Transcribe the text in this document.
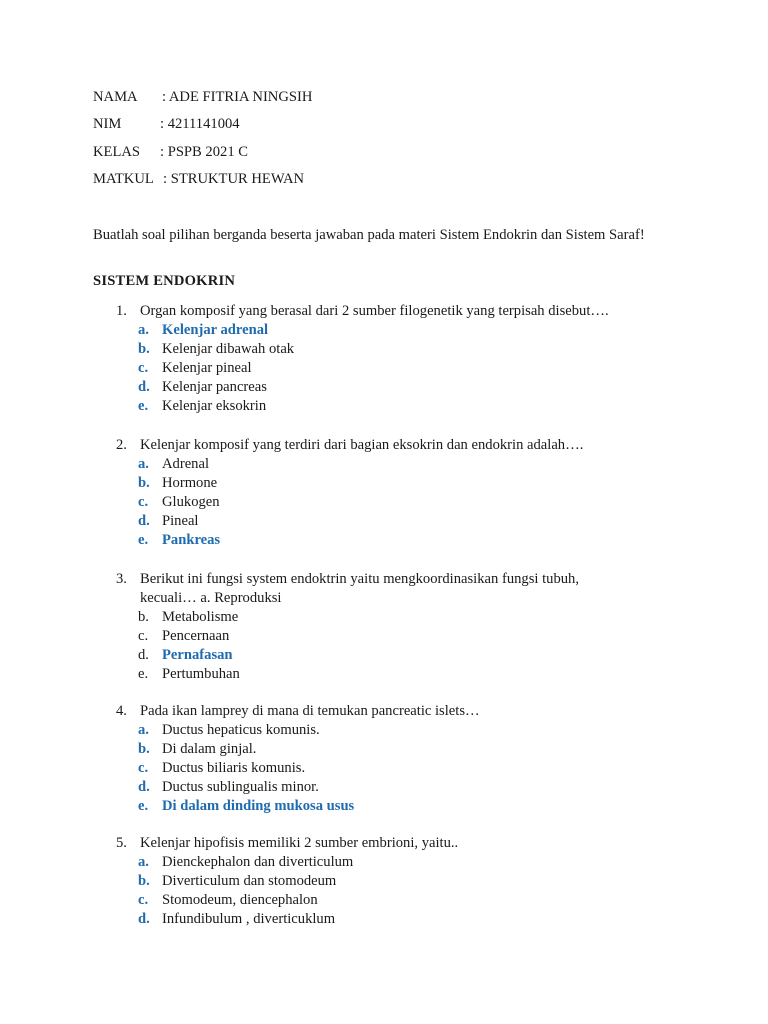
NAMA : ADE FITRIA NINGSIH
NIM	: 4211141004
KELAS : PSPB 2021 C
MATKUL : STRUKTUR HEWAN
Buatlah soal pilihan berganda beserta jawaban pada materi Sistem Endokrin dan Sistem Saraf!
SISTEM ENDOKRIN
1. Organ komposif yang berasal dari 2 sumber filogenetik yang terpisah disebut….
a. Kelenjar adrenal
b. Kelenjar dibawah otak
c. Kelenjar pineal
d. Kelenjar pancreas
e. Kelenjar eksokrin
2. Kelenjar komposif yang terdiri dari bagian eksokrin dan endokrin adalah….
a. Adrenal
b. Hormone
c. Glukogen
d. Pineal
e. Pankreas
3. Berikut ini fungsi system endoktrin yaitu mengkoordinasikan fungsi tubuh,
kecuali… a. Reproduksi
b. Metabolisme
c. Pencernaan
d. Pernafasan
e. Pertumbuhan
4. Pada ikan lamprey di mana di temukan pancreatic islets…
a. Ductus hepaticus komunis.
b. Di dalam ginjal.
c. Ductus biliaris komunis.
d. Ductus sublingualis minor.
e. Di dalam dinding mukosa usus
5. Kelenjar hipofisis memiliki 2 sumber embrioni, yaitu..
a. Dienckephalon dan diverticulum
b. Diverticulum dan stomodeum
c. Stomodeum, diencephalon
d. Infundibulum , diverticuklum
